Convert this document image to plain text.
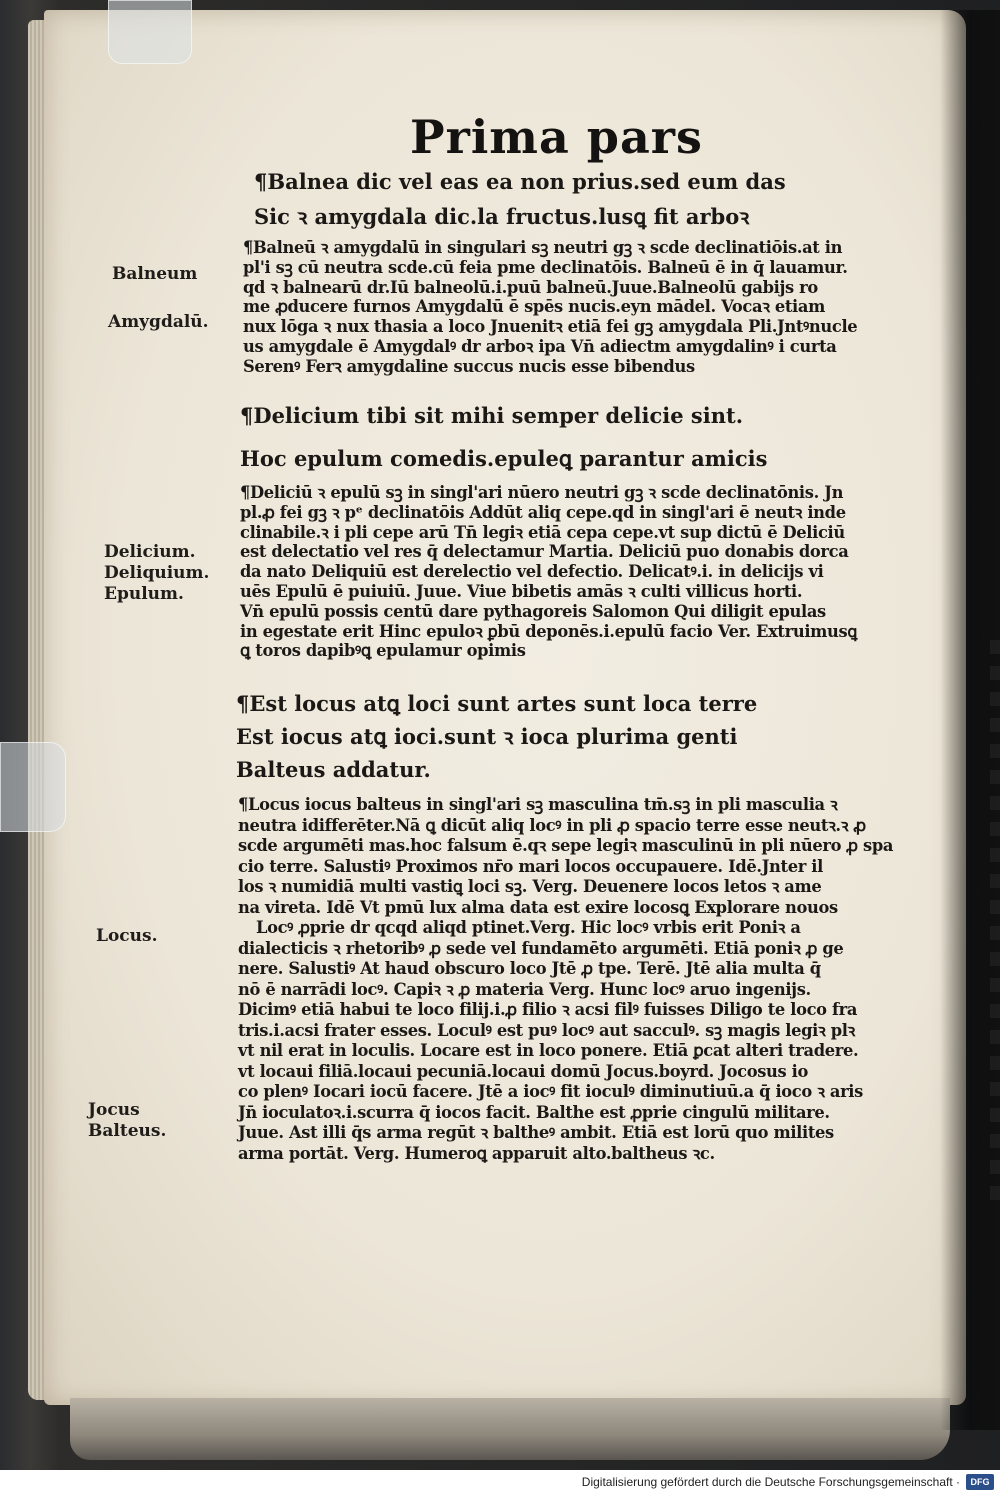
Prima pars
¶Balnea dic vel eas ea non prius.sed eum das
Sic ꝛ amygdala dic.la fructus.lusꝗ fit arboꝛ
¶Balneū ꝛ amygdalū in singulari sꝫ neutri gꝫ ꝛ scde declinatiōis.at in
pl'i sꝫ cū neutra scde.cū feia pme declinatōis. Balneū ē in q̄ lauamur.
qd ꝛ balnearū dr.Iū balneolū.i.puū balneū.Juue.Balneolū gabijs ro
me ꝓducere furnos Amygdalū ē spēs nucis.eyn mādel. Vocaꝛ etiam
nux lōga ꝛ nux thasia a loco Jnuenitꝛ etiā fei gꝫ amygdala Pli.Jntꝰnucle
us amygdale ē Amygdalꝰ dr arboꝛ ipa Vn̄ adiectm amygdalinꝰ i curta
Serenꝰ Ferꝛ amygdaline succus nucis esse bibendus
¶Delicium tibi sit mihi semper delicie sint.
Hoc epulum comedis.epuleꝗ parantur amicis
¶Deliciū ꝛ epulū sꝫ in singl'ari nūero neutri gꝫ ꝛ scde declinatōnis. Jn
pl.ꝓ fei gꝫ ꝛ pᵉ declinatōis Addūt aliq cepe.qd in singl'ari ē neutꝛ inde
clinabile.ꝛ i pli cepe arū Tn̄ legiꝛ etiā cepa cepe.vt sup dictū ē Deliciū
est delectatio vel res q̄ delectamur Martia. Deliciū puo donabis dorca
da nato Deliquiū est derelectio vel defectio. Delicatꝰ.i. in delicijs vi
uēs Epulū ē puiuiū. Juue. Viue bibetis amās ꝛ culti villicus horti.
Vn̄ epulū possis centū dare pythagoreis Salomon Qui diligit epulas
in egestate erit Hinc epuloꝛ ꝑbū deponēs.i.epulū facio Ver. Extruimusꝗ
ꝗ toros dapibꝰꝗ epulamur opimis
¶Est locus atꝗ loci sunt artes sunt loca terre
Est iocus atꝗ ioci.sunt ꝛ ioca plurima genti
Balteus addatur.
¶Locus iocus balteus in singl'ari sꝫ masculina tm̄.sꝫ in pli masculia ꝛ
neutra idifferēter.Nā ꝗ dicūt aliq locꝰ in pli ꝓ spacio terre esse neutꝛ.ꝛ ꝓ
scde argumēti mas.hoc falsum ē.qꝛ sepe legiꝛ masculinū in pli nūero ꝓ spa
cio terre. Salustiꝰ Proximos nr̄o mari locos occupauere. Idē.Jnter il
los ꝛ numidiā multi vastiꝗ loci sꝫ. Verg. Deuenere locos letos ꝛ ame
na vireta. Idē Vt pmū lux alma data est exire locosꝗ Explorare nouos
Locꝰ ꝓprie dr qcqd aliqd ptinet.Verg. Hic locꝰ vrbis erit Poniꝛ a
dialecticis ꝛ rhetoribꝰ ꝓ sede vel fundamēto argumēti. Etiā poniꝛ ꝓ ge
nere. Salustiꝰ At haud obscuro loco Jtē ꝓ tpe. Terē. Jtē alia multa q̄
nō ē narrādi locꝰ. Capiꝛ ꝛ ꝓ materia Verg. Hunc locꝰ aruo ingenijs.
Dicimꝰ etiā habui te loco filij.i.ꝓ filio ꝛ acsi filꝰ fuisses Diligo te loco fra
tris.i.acsi frater esses. Loculꝰ est puꝰ locꝰ aut sacculꝰ. sꝫ magis legiꝛ plꝛ
vt nil erat in loculis. Locare est in loco ponere. Etiā ꝑcat alteri tradere.
vt locaui filiā.locaui pecuniā.locaui domū Jocus.boyrd. Jocosus io
co plenꝰ Iocari iocū facere. Jtē a iocꝰ fit ioculꝰ diminutiuū.a q̄ ioco ꝛ aris
Jn̄ ioculatoꝛ.i.scurra q̄ iocos facit. Balthe est ꝓprie cingulū militare.
Juue. Ast illi q̄s arma regūt ꝛ baltheꝰ ambit. Etiā est lorū quo milites
arma portāt. Verg. Humeroꝗ apparuit alto.baltheus ꝛc.
Balneum
Amygdalū.
Delicium.
Deliquium.
Epulum.
Locus.
Jocus
Balteus.
Digitalisierung gefördert durch die Deutsche Forschungsgemeinschaft ·	DFG
